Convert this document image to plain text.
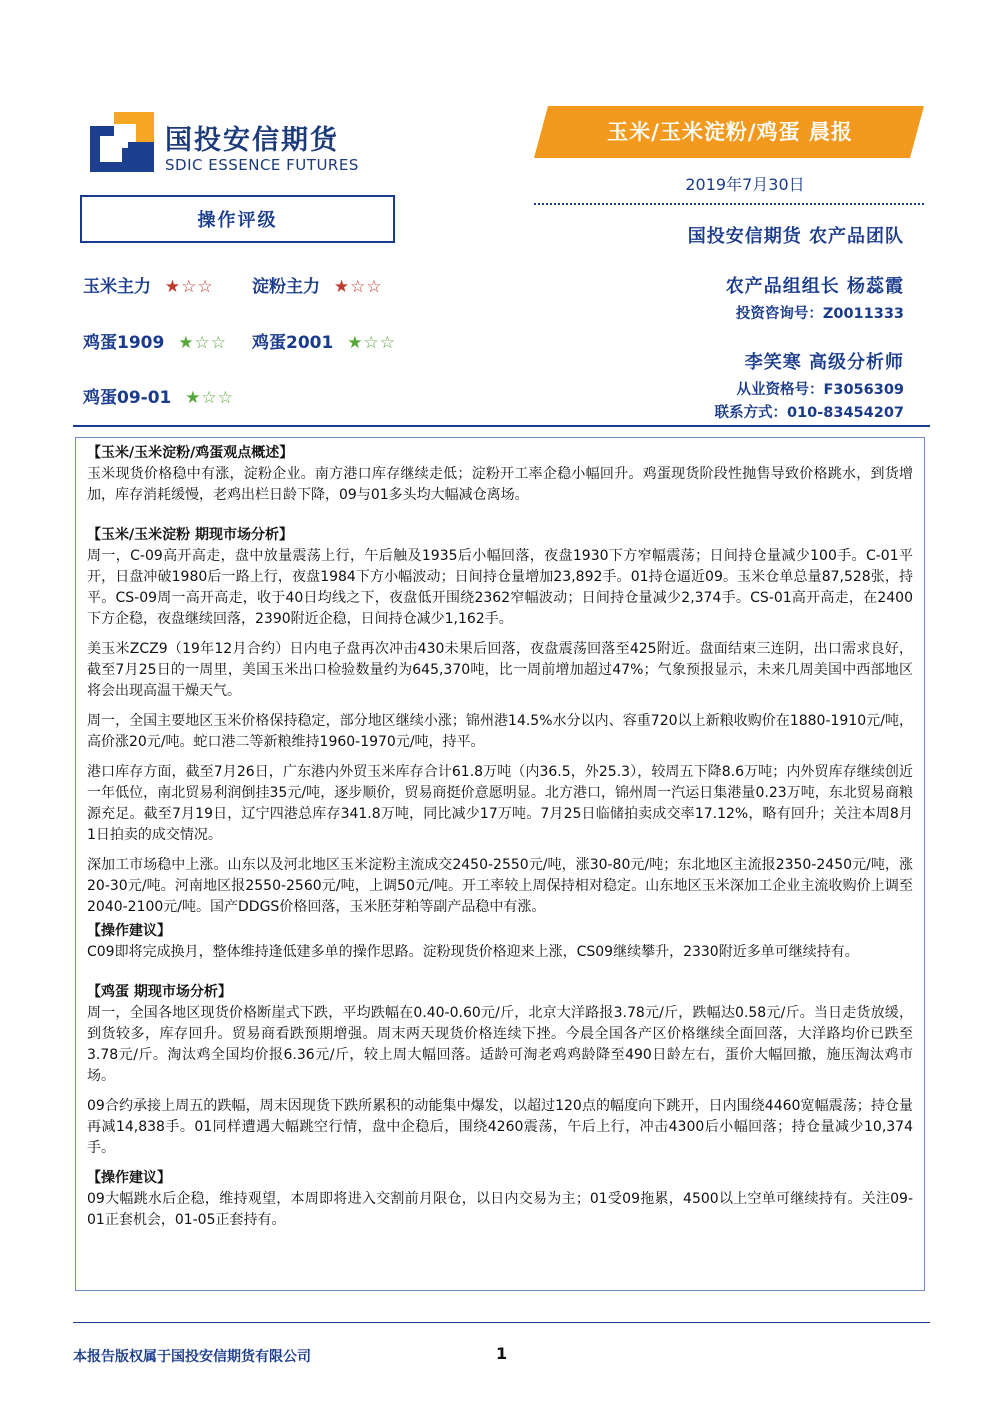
国投安信期货
SDIC ESSENCE FUTURES
玉米/玉米淀粉/鸡蛋 晨报
2019年7月30日
国投安信期货 农产品团队
农产品组组长 杨蕊霞
投资咨询号：Z0011333
李笑寒 高级分析师
从业资格号：F3056309
联系方式：010-83454207
操作评级
玉米主力 ★☆☆ 淀粉主力 ★☆☆
鸡蛋1909 ★☆☆ 鸡蛋2001 ★☆☆
鸡蛋09-01 ★☆☆

【玉米/玉米淀粉/鸡蛋观点概述】

玉米现货价格稳中有涨，淀粉企业。南方港口库存继续走低；淀粉开工率企稳小幅回升。鸡蛋现货阶段性抛售导致价格跳水，到货增加，库存消耗缓慢，老鸡出栏日龄下降，09与01多头均大幅减仓离场。

【玉米/玉米淀粉 期现市场分析】

周一，C-09高开高走，盘中放量震荡上行，午后触及1935后小幅回落，夜盘1930下方窄幅震荡；日间持仓量减少100手。C-01平开，日盘冲破1980后一路上行，夜盘1984下方小幅波动；日间持仓量增加23,892手。01持仓逼近09。玉米仓单总量87,528张，持平。CS-09周一高开高走，收于40日均线之下，夜盘低开围绕2362窄幅波动；日间持仓量减少2,374手。CS-01高开高走，在2400下方企稳，夜盘继续回落，2390附近企稳，日间持仓减少1,162手。

美玉米ZCZ9（19年12月合约）日内电子盘再次冲击430未果后回落，夜盘震荡回落至425附近。盘面结束三连阴，出口需求良好，截至7月25日的一周里，美国玉米出口检验数量约为645,370吨，比一周前增加超过47%；气象预报显示，未来几周美国中西部地区将会出现高温干燥天气。

周一，全国主要地区玉米价格保持稳定，部分地区继续小涨；锦州港14.5%水分以内、容重720以上新粮收购价在1880-1910元/吨，高价涨20元/吨。蛇口港二等新粮维持1960-1970元/吨，持平。

港口库存方面，截至7月26日，广东港内外贸玉米库存合计61.8万吨（内36.5，外25.3），较周五下降8.6万吨；内外贸库存继续创近一年低位，南北贸易利润倒挂35元/吨，逐步顺价，贸易商挺价意愿明显。北方港口，锦州周一汽运日集港量0.23万吨，东北贸易商粮源充足。截至7月19日，辽宁四港总库存341.8万吨，同比减少17万吨。7月25日临储拍卖成交率17.12%，略有回升；关注本周8月1日拍卖的成交情况。

深加工市场稳中上涨。山东以及河北地区玉米淀粉主流成交2450-2550元/吨，涨30-80元/吨；东北地区主流报2350-2450元/吨，涨20-30元/吨。河南地区报2550-2560元/吨，上调50元/吨。开工率较上周保持相对稳定。山东地区玉米深加工企业主流收购价上调至2040-2100元/吨。国产DDGS价格回落，玉米胚芽粕等副产品稳中有涨。

【操作建议】

C09即将完成换月，整体维持逢低建多单的操作思路。淀粉现货价格迎来上涨，CS09继续攀升，2330附近多单可继续持有。

【鸡蛋 期现市场分析】

周一，全国各地区现货价格断崖式下跌，平均跌幅在0.40-0.60元/斤，北京大洋路报3.78元/斤，跌幅达0.58元/斤。当日走货放缓，到货较多，库存回升。贸易商看跌预期增强。周末两天现货价格连续下挫。今晨全国各产区价格继续全面回落，大洋路均价已跌至3.78元/斤。淘汰鸡全国均价报6.36元/斤，较上周大幅回落。适龄可淘老鸡鸡龄降至490日龄左右，蛋价大幅回撤，施压淘汰鸡市场。

09合约承接上周五的跌幅，周末因现货下跌所累积的动能集中爆发，以超过120点的幅度向下跳开，日内围绕4460宽幅震荡；持仓量再减14,838手。01同样遭遇大幅跳空行情，盘中企稳后，围绕4260震荡，午后上行，冲击4300后小幅回落；持仓量减少10,374手。

【操作建议】

09大幅跳水后企稳，维持观望，本周即将进入交割前月限仓，以日内交易为主；01受09拖累，4500以上空单可继续持有。关注09-01正套机会，01-05正套持有。

本报告版权属于国投安信期货有限公司	1
